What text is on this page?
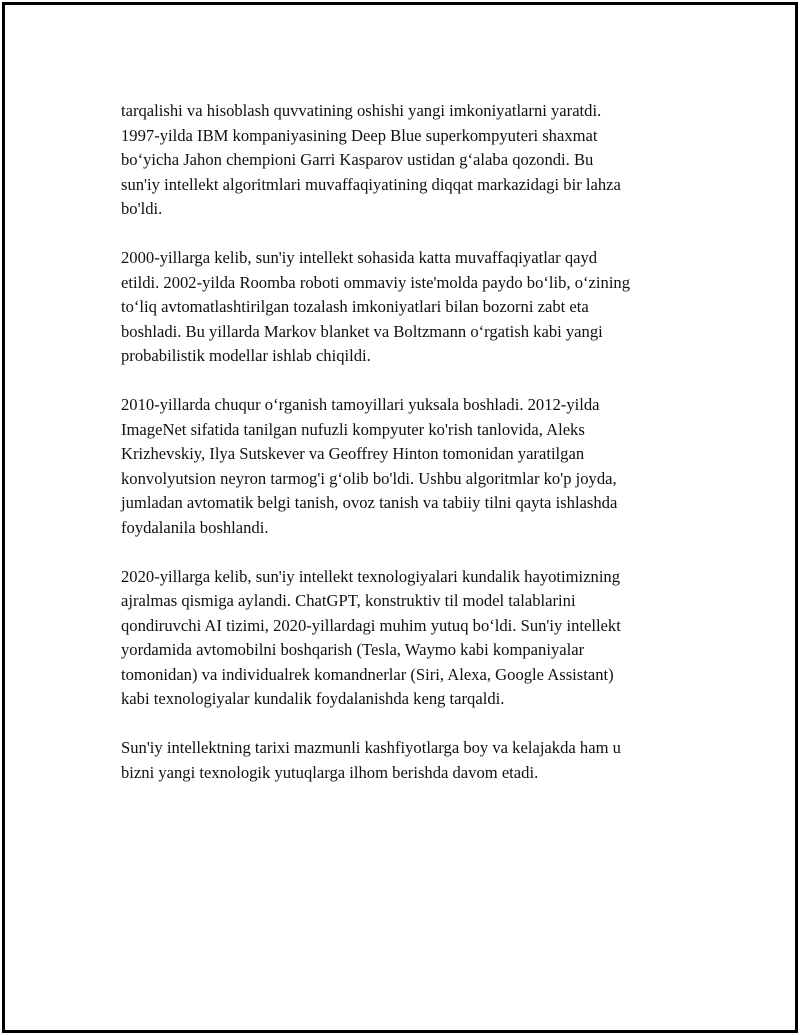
tarqalishi va hisoblash quvvatining oshishi yangi imkoniyatlarni yaratdi.
1997-yilda IBM kompaniyasining Deep Blue superkompyuteri shaxmat
bo‘yicha Jahon chempioni Garri Kasparov ustidan g‘alaba qozondi. Bu
sun'iy intellekt algoritmlari muvaffaqiyatining diqqat markazidagi bir lahza
bo'ldi.

2000-yillarga kelib, sun'iy intellekt sohasida katta muvaffaqiyatlar qayd
etildi. 2002-yilda Roomba roboti ommaviy iste'molda paydo bo‘lib, o‘zining
to‘liq avtomatlashtirilgan tozalash imkoniyatlari bilan bozorni zabt eta
boshladi. Bu yillarda Markov blanket va Boltzmann o‘rgatish kabi yangi
probabilistik modellar ishlab chiqildi.

2010-yillarda chuqur o‘rganish tamoyillari yuksala boshladi. 2012-yilda
ImageNet sifatida tanilgan nufuzli kompyuter ko'rish tanlovida, Aleks
Krizhevskiy, Ilya Sutskever va Geoffrey Hinton tomonidan yaratilgan
konvolyutsion neyron tarmog'i g‘olib bo'ldi. Ushbu algoritmlar ko'p joyda,
jumladan avtomatik belgi tanish, ovoz tanish va tabiiy tilni qayta ishlashda
foydalanila boshlandi.

2020-yillarga kelib, sun'iy intellekt texnologiyalari kundalik hayotimizning
ajralmas qismiga aylandi. ChatGPT, konstruktiv til model talablarini
qondiruvchi AI tizimi, 2020-yillardagi muhim yutuq bo‘ldi. Sun'iy intellekt
yordamida avtomobilni boshqarish (Tesla, Waymo kabi kompaniyalar
tomonidan) va individualrek komandnerlar (Siri, Alexa, Google Assistant)
kabi texnologiyalar kundalik foydalanishda keng tarqaldi.

Sun'iy intellektning tarixi mazmunli kashfiyotlarga boy va kelajakda ham u
bizni yangi texnologik yutuqlarga ilhom berishda davom etadi.
